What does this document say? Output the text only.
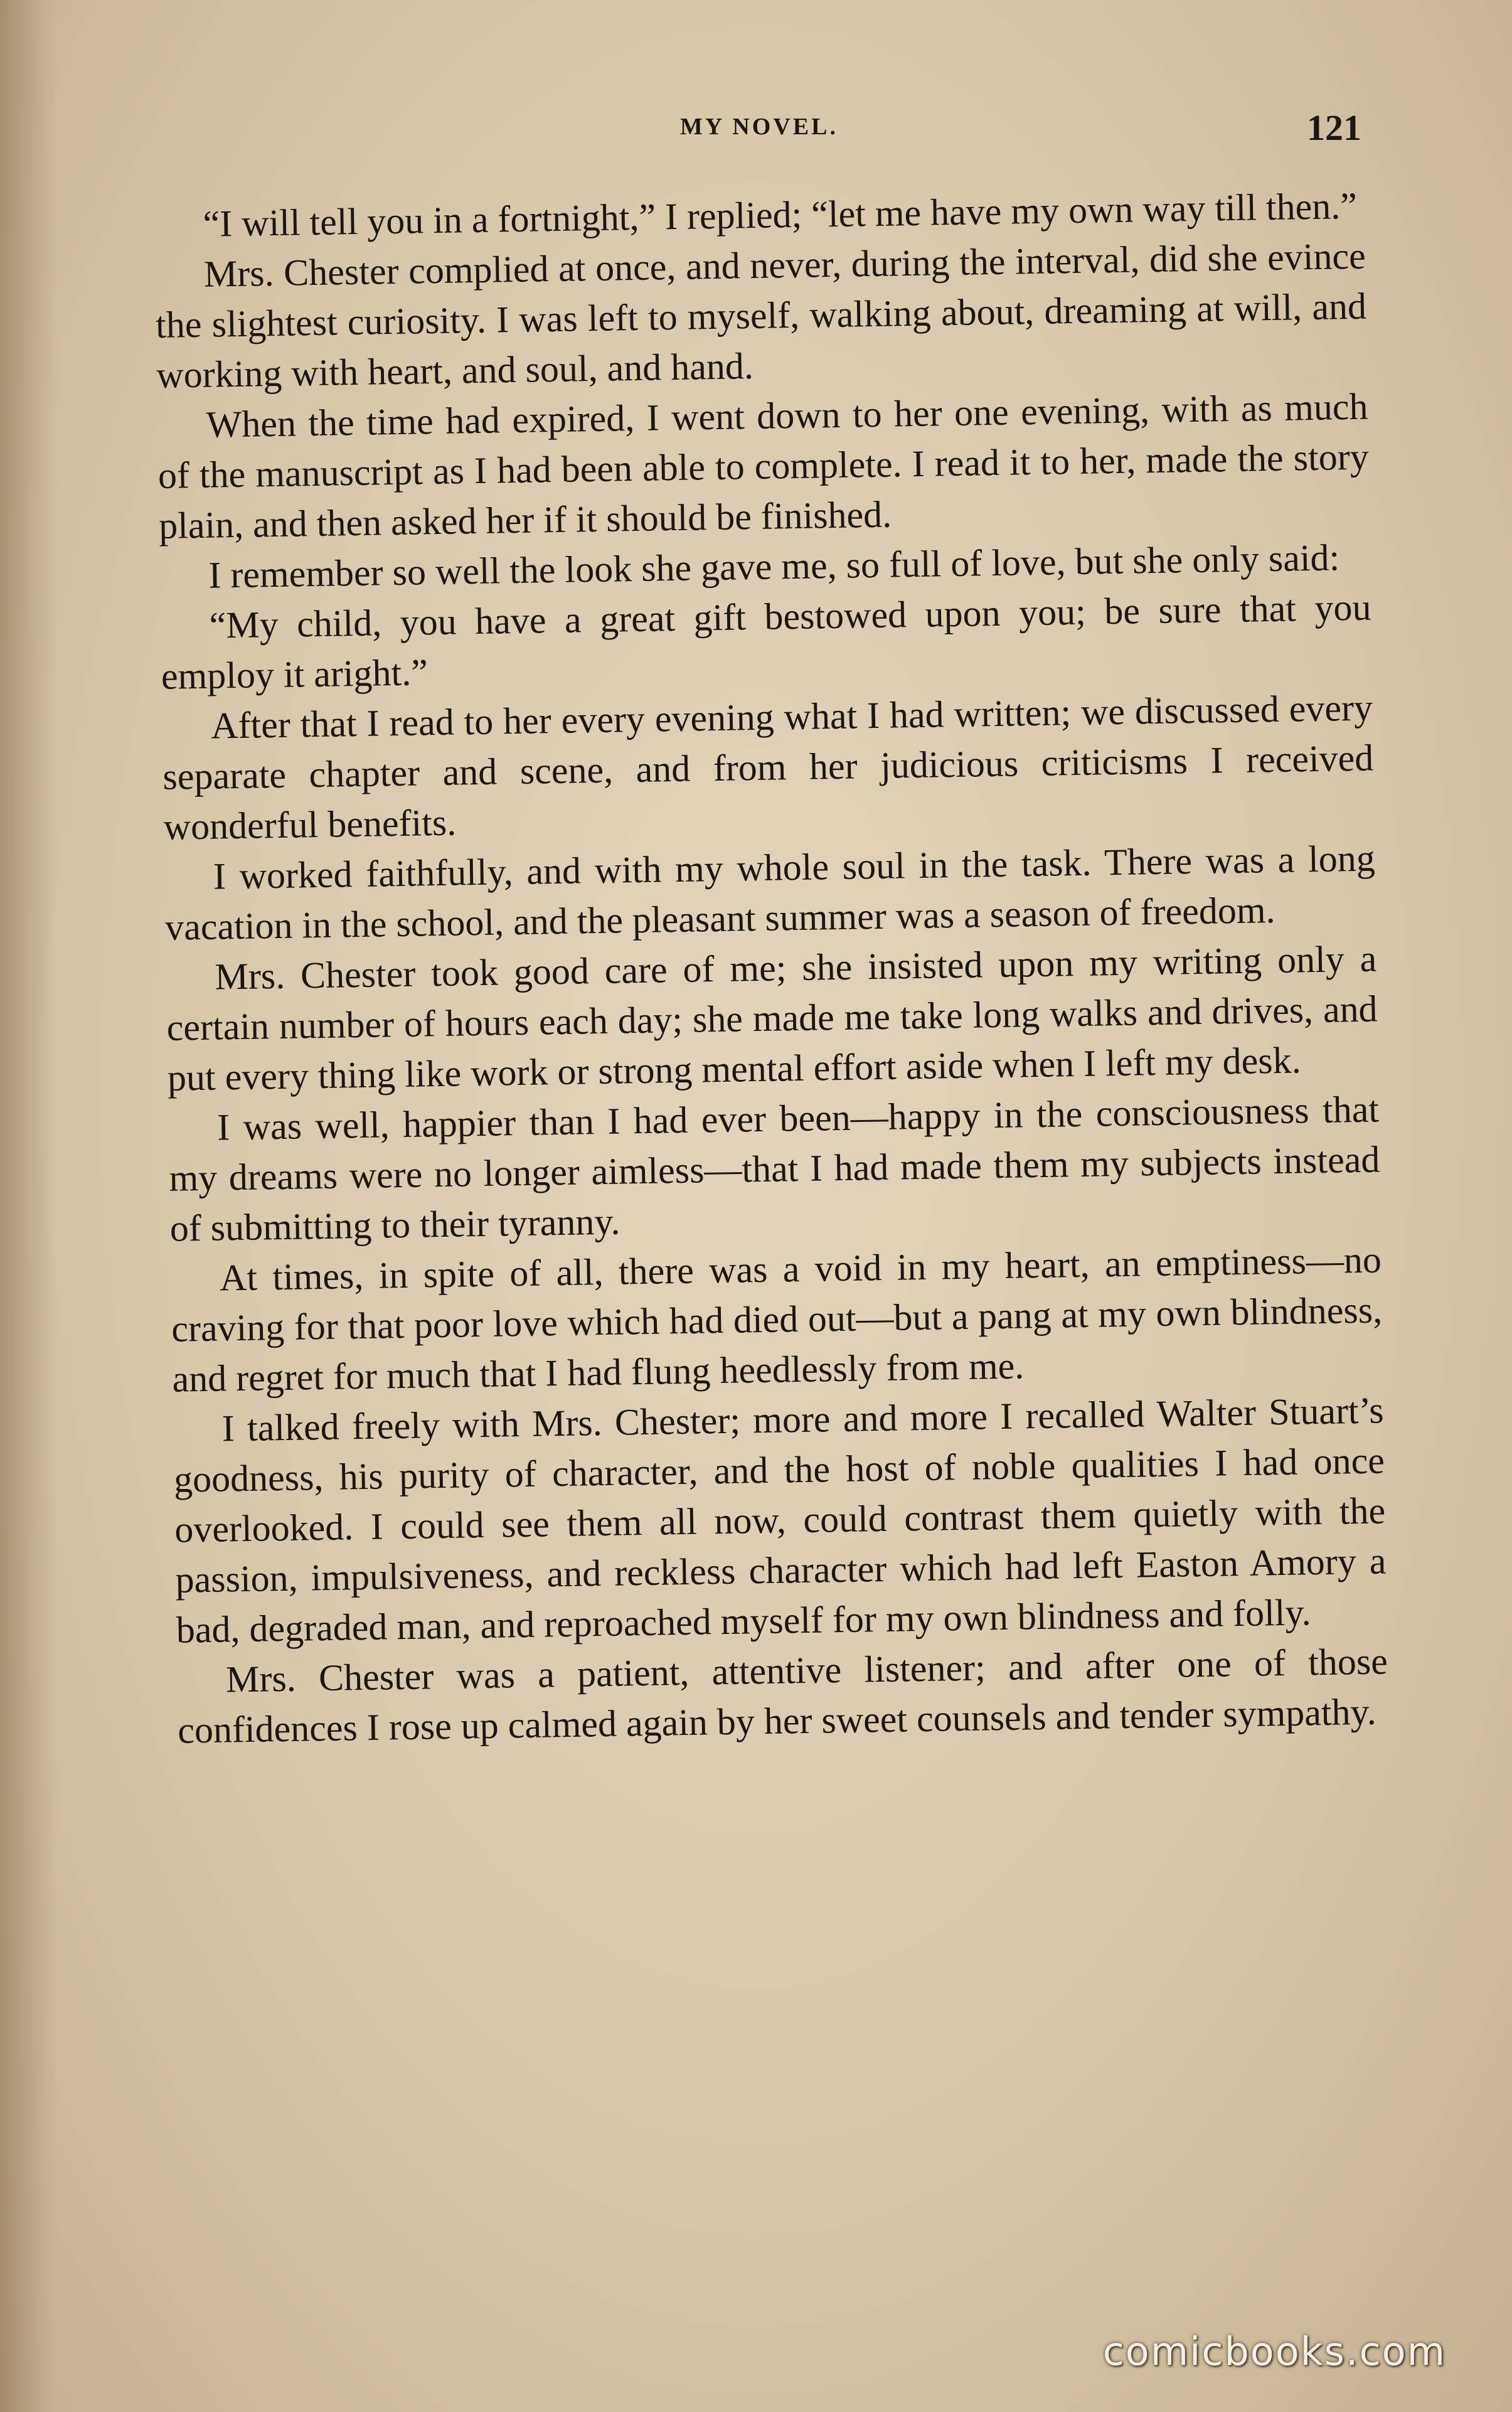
MY NOVEL.	121

“I will tell you in a fortnight,” I replied; “let me have my own way till then.”

Mrs. Chester complied at once, and never, during the interval, did she evince the slightest curiosity. I was left to myself, walking about, dreaming at will, and working with heart, and soul, and hand.

When the time had expired, I went down to her one evening, with as much of the manuscript as I had been able to complete. I read it to her, made the story plain, and then asked her if it should be finished.

I remember so well the look she gave me, so full of love, but she only said:

“My child, you have a great gift bestowed upon you; be sure that you employ it aright.”

After that I read to her every evening what I had written; we discussed every separate chapter and scene, and from her judicious criticisms I received wonderful benefits.

I worked faithfully, and with my whole soul in the task. There was a long vacation in the school, and the pleasant summer was a season of freedom.

Mrs. Chester took good care of me; she insisted upon my writing only a certain number of hours each day; she made me take long walks and drives, and put every thing like work or strong mental effort aside when I left my desk.

I was well, happier than I had ever been—happy in the consciousness that my dreams were no longer aimless—that I had made them my subjects instead of submitting to their tyranny.

At times, in spite of all, there was a void in my heart, an emptiness—no craving for that poor love which had died out—but a pang at my own blindness, and regret for much that I had flung heedlessly from me.

I talked freely with Mrs. Chester; more and more I recalled Walter Stuart’s goodness, his purity of character, and the host of noble qualities I had once overlooked. I could see them all now, could contrast them quietly with the passion, impulsiveness, and reckless character which had left Easton Amory a bad, degraded man, and reproached myself for my own blindness and folly.

Mrs. Chester was a patient, attentive listener; and after one of those confidences I rose up calmed again by her sweet counsels and tender sympathy.

comicbooks.com
